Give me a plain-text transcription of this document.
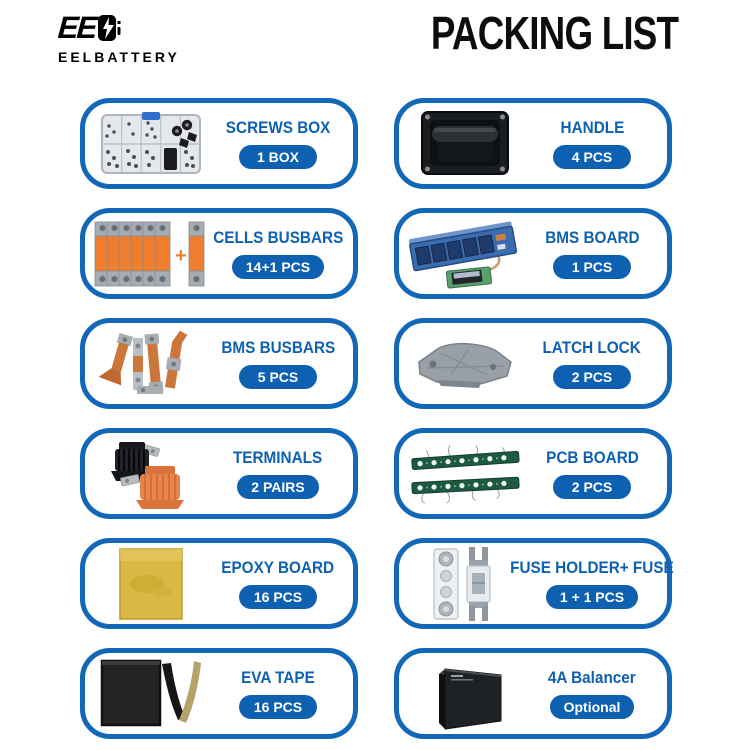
EE
EELBATTERY	PACKING LIST
SCREWS BOX
1 BOX
HANDLE
4 PCS
+
CELLS BUSBARS
14+1 PCS
BMS BOARD
1 PCS
BMS BUSBARS
5 PCS
LATCH LOCK
2 PCS
TERMINALS
2 PAIRS
PCB BOARD
2 PCS
EPOXY BOARD
16 PCS
FUSE HOLDER+ FUSE
1 + 1 PCS
EVA TAPE
16 PCS
4A Balancer
Optional
